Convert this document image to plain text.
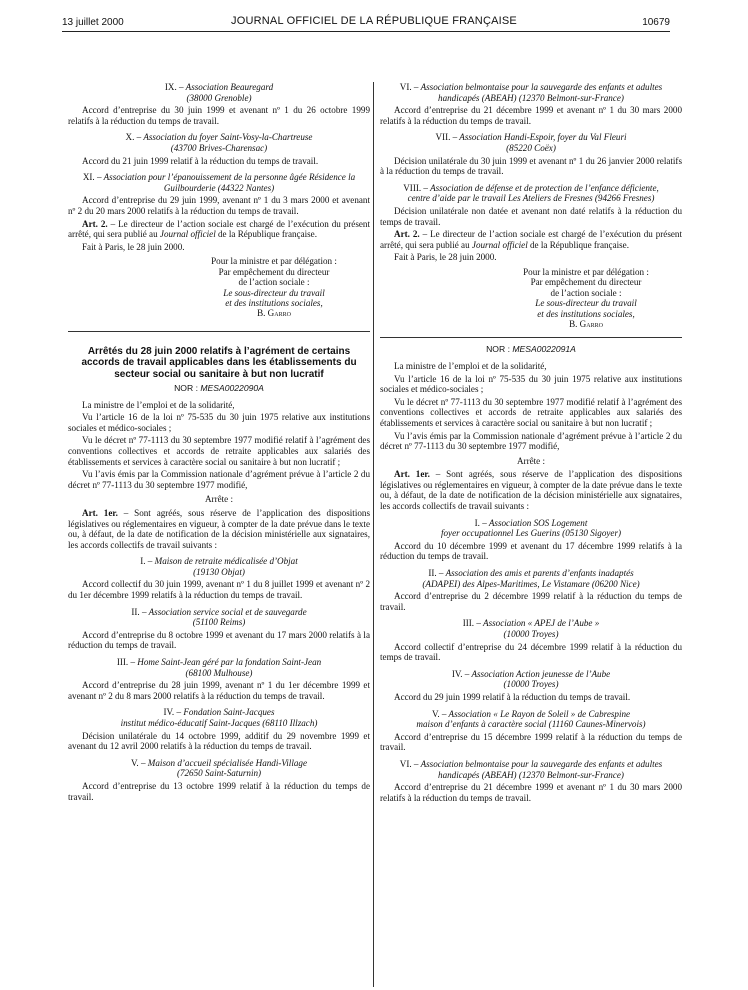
13 juillet 2000	JOURNAL OFFICIEL DE LA RÉPUBLIQUE FRANÇAISE	10679
IX. – Association Beauregard
(38000 Grenoble)

Accord d’entreprise du 30 juin 1999 et avenant nº 1 du 26 octobre 1999 relatifs à la réduction du temps de travail.

X. – Association du foyer Saint-Vosy-la-Chartreuse
(43700 Brives-Charensac)

Accord du 21 juin 1999 relatif à la réduction du temps de travail.

XI. – Association pour l’épanouissement de la personne âgée Résidence la Guilbourderie (44322 Nantes)

Accord d’entreprise du 29 juin 1999, avenant nº 1 du 3 mars 2000 et avenant nº 2 du 20 mars 2000 relatifs à la réduction du temps de travail.

Art. 2. – Le directeur de l’action sociale est chargé de l’exécution du présent arrêté, qui sera publié au Journal officiel de la République française.

Fait à Paris, le 28 juin 2000.

Pour la ministre et par délégation :
Par empêchement du directeur
de l’action sociale :
Le sous-directeur du travail
et des institutions sociales,
B. Garro
Arrêtés du 28 juin 2000 relatifs à l’agrément de certains accords de travail applicables dans les établissements du secteur social ou sanitaire à but non lucratif
NOR : MESA0022090A

La ministre de l’emploi et de la solidarité,

Vu l’article 16 de la loi nº 75-535 du 30 juin 1975 relative aux institutions sociales et médico-sociales ;

Vu le décret nº 77-1113 du 30 septembre 1977 modifié relatif à l’agrément des conventions collectives et accords de retraite applicables aux salariés des établissements et services à caractère social ou sanitaire à but non lucratif ;

Vu l’avis émis par la Commission nationale d’agrément prévue à l’article 2 du décret nº 77-1113 du 30 septembre 1977 modifié,

Arrête :

Art. 1er. – Sont agréés, sous réserve de l’application des dispositions législatives ou réglementaires en vigueur, à compter de la date prévue dans le texte ou, à défaut, de la date de notification de la décision ministérielle aux signataires, les accords collectifs de travail suivants :

I. – Maison de retraite médicalisée d’Objat
(19130 Objat)

Accord collectif du 30 juin 1999, avenant nº 1 du 8 juillet 1999 et avenant nº 2 du 1er décembre 1999 relatifs à la réduction du temps de travail.

II. – Association service social et de sauvegarde
(51100 Reims)

Accord d’entreprise du 8 octobre 1999 et avenant du 17 mars 2000 relatifs à la réduction du temps de travail.

III. – Home Saint-Jean géré par la fondation Saint-Jean
(68100 Mulhouse)

Accord d’entreprise du 28 juin 1999, avenant nº 1 du 1er décembre 1999 et avenant nº 2 du 8 mars 2000 relatifs à la réduction du temps de travail.

IV. – Fondation Saint-Jacques
institut médico-éducatif Saint-Jacques (68110 Illzach)

Décision unilatérale du 14 octobre 1999, additif du 29 novembre 1999 et avenant du 12 avril 2000 relatifs à la réduction du temps de travail.

V. – Maison d’accueil spécialisée Handi-Village
(72650 Saint-Saturnin)

Accord d’entreprise du 13 octobre 1999 relatif à la réduction du temps de travail.

VI. – Association belmontaise pour la sauvegarde des enfants et adultes handicapés (ABEAH) (12370 Belmont-sur-France)

Accord d’entreprise du 21 décembre 1999 et avenant nº 1 du 30 mars 2000 relatifs à la réduction du temps de travail.

VII. – Association Handi-Espoir, foyer du Val Fleuri
(85220 Coëx)

Décision unilatérale du 30 juin 1999 et avenant nº 1 du 26 janvier 2000 relatifs à la réduction du temps de travail.

VIII. – Association de défense et de protection de l’enfance déficiente, centre d’aide par le travail Les Ateliers de Fresnes (94266 Fresnes)

Décision unilatérale non datée et avenant non daté relatifs à la réduction du temps de travail.

Art. 2. – Le directeur de l’action sociale est chargé de l’exécution du présent arrêté, qui sera publié au Journal officiel de la République française.

Fait à Paris, le 28 juin 2000.

Pour la ministre et par délégation :
Par empêchement du directeur
de l’action sociale :
Le sous-directeur du travail
et des institutions sociales,
B. Garro
NOR : MESA0022091A

La ministre de l’emploi et de la solidarité,

Vu l’article 16 de la loi nº 75-535 du 30 juin 1975 relative aux institutions sociales et médico-sociales ;

Vu le décret nº 77-1113 du 30 septembre 1977 modifié relatif à l’agrément des conventions collectives et accords de retraite applicables aux salariés des établissements et services à caractère social ou sanitaire à but non lucratif ;

Vu l’avis émis par la Commission nationale d’agrément prévue à l’article 2 du décret nº 77-1113 du 30 septembre 1977 modifié,

Arrête :

Art. 1er. – Sont agréés, sous réserve de l’application des dispositions législatives ou réglementaires en vigueur, à compter de la date prévue dans le texte ou, à défaut, de la date de notification de la décision ministérielle aux signataires, les accords collectifs de travail suivants :

I. – Association SOS Logement
foyer occupationnel Les Guerins (05130 Sigoyer)

Accord du 10 décembre 1999 et avenant du 17 décembre 1999 relatifs à la réduction du temps de travail.

II. – Association des amis et parents d’enfants inadaptés
(ADAPEI) des Alpes-Maritimes, Le Vistamare (06200 Nice)

Accord d’entreprise du 2 décembre 1999 relatif à la réduction du temps de travail.

III. – Association « APEJ de l’Aube »
(10000 Troyes)

Accord collectif d’entreprise du 24 décembre 1999 relatif à la réduction du temps de travail.

IV. – Association Action jeunesse de l’Aube
(10000 Troyes)

Accord du 29 juin 1999 relatif à la réduction du temps de travail.

V. – Association « Le Rayon de Soleil » de Cabrespine
maison d’enfants à caractère social (11160 Caunes-Minervois)

Accord d’entreprise du 15 décembre 1999 relatif à la réduction du temps de travail.

VI. – Association belmontaise pour la sauvegarde des enfants et adultes handicapés (ABEAH) (12370 Belmont-sur-France)

Accord d’entreprise du 21 décembre 1999 et avenant nº 1 du 30 mars 2000 relatifs à la réduction du temps de travail.
